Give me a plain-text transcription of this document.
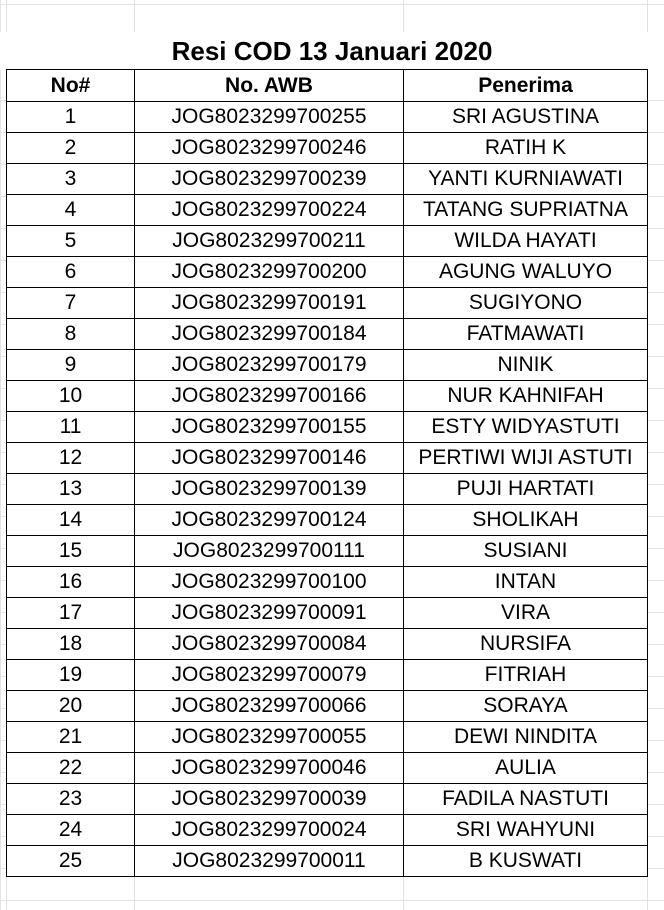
Resi COD 13 Januari 2020
No#	No. AWB	Penerima
1	JOG8023299700255	SRI AGUSTINA
2	JOG8023299700246	RATIH K
3	JOG8023299700239	YANTI KURNIAWATI
4	JOG8023299700224	TATANG SUPRIATNA
5	JOG8023299700211	WILDA HAYATI
6	JOG8023299700200	AGUNG WALUYO
7	JOG8023299700191	SUGIYONO
8	JOG8023299700184	FATMAWATI
9	JOG8023299700179	NINIK
10	JOG8023299700166	NUR KAHNIFAH
11	JOG8023299700155	ESTY WIDYASTUTI
12	JOG8023299700146	PERTIWI WIJI ASTUTI
13	JOG8023299700139	PUJI HARTATI
14	JOG8023299700124	SHOLIKAH
15	JOG8023299700111	SUSIANI
16	JOG8023299700100	INTAN
17	JOG8023299700091	VIRA
18	JOG8023299700084	NURSIFA
19	JOG8023299700079	FITRIAH
20	JOG8023299700066	SORAYA
21	JOG8023299700055	DEWI NINDITA
22	JOG8023299700046	AULIA
23	JOG8023299700039	FADILA NASTUTI
24	JOG8023299700024	SRI WAHYUNI
25	JOG8023299700011	B KUSWATI
